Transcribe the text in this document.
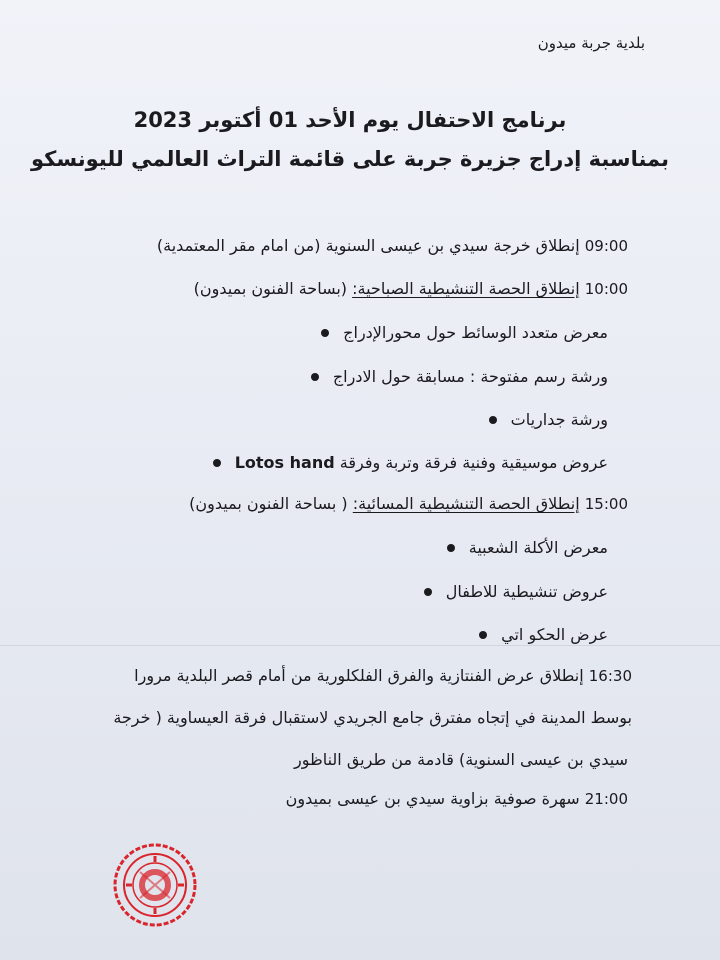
بلدية جربة ميدون
برنامج الاحتفال يوم الأحد 01 أكتوبر 2023
بمناسبة إدراج جزيرة جربة على قائمة التراث العالمي لليونسكو
09:00 إنطلاق خرجة سيدي بن عيسى السنوية (من امام مقر المعتمدية)
10:00 إنطلاق الحصة التنشيطية الصباحية: (بساحة الفنون بميدون)
معرض متعدد الوسائط حول محورالإدراج
ورشة رسم مفتوحة : مسابقة حول الادراج
ورشة جداريات
عروض موسيقية وفنية فرقة وتربة وفرقة Lotos hand
15:00 إنطلاق الحصة التنشيطية المسائية: ( بساحة الفنون بميدون)
معرض الأكلة الشعبية
عروض تنشيطية للاطفال
عرض الحكو اتي
16:30 إنطلاق عرض الفنتازية والفرق الفلكلورية من أمام قصر البلدية مرورا
بوسط المدينة في إتجاه مفترق جامع الجريدي لاستقبال فرقة العيساوية ( خرجة
سيدي بن عيسى السنوية) قادمة من طريق الناظور
21:00 سهرة صوفية بزاوية سيدي بن عيسى بميدون
